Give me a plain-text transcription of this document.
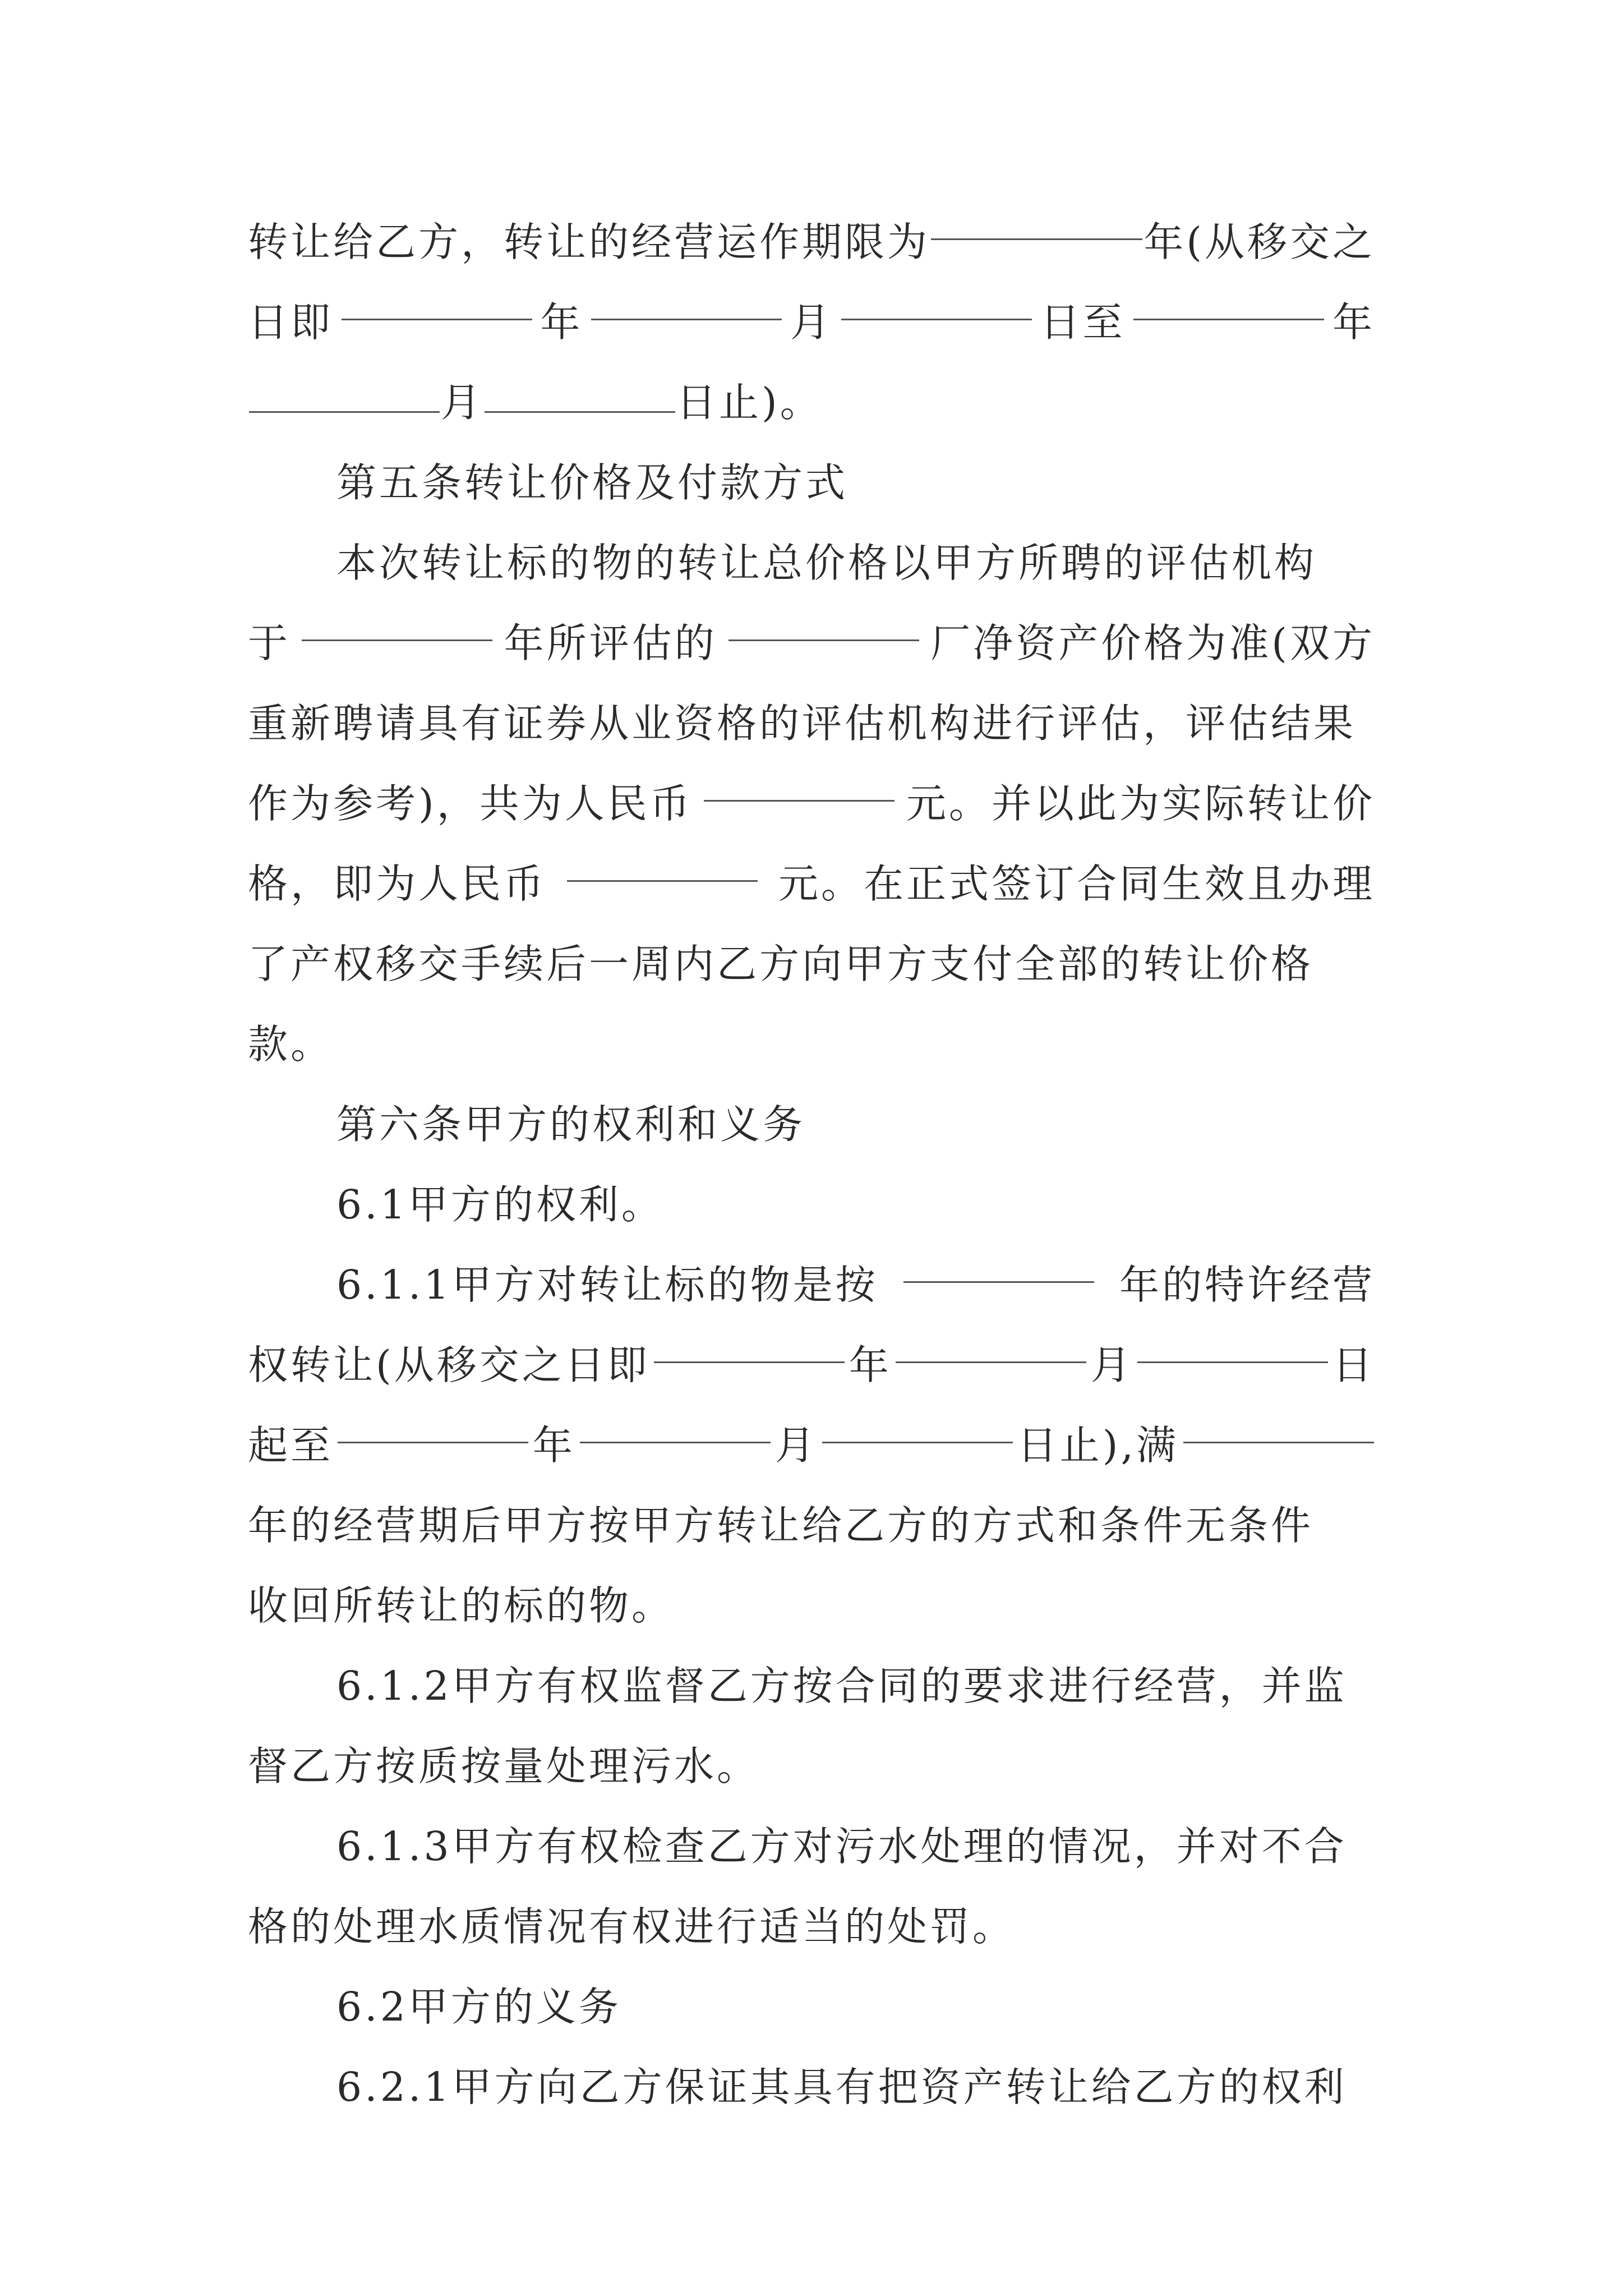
转让给乙方，转让的经营运作期限为	年(从移交之
日即	年	月	日至	年
月	日止)。
第五条转让价格及付款方式
本次转让标的物的转让总价格以甲方所聘的评估机构
于	年所评估的	厂净资产价格为准(双方
重新聘请具有证券从业资格的评估机构进行评估，评估结果
作为参考)，共为人民币	元。并以此为实际转让价
格，即为人民币	元。在正式签订合同生效且办理
了产权移交手续后一周内乙方向甲方支付全部的转让价格
款。
第六条甲方的权利和义务
6.1甲方的权利。
6.1.1甲方对转让标的物是按	年的特许经营
权转让(从移交之日即	年	月	日
起至	年	月	日止),满
年的经营期后甲方按甲方转让给乙方的方式和条件无条件
收回所转让的标的物。
6.1.2甲方有权监督乙方按合同的要求进行经营，并监
督乙方按质按量处理污水。
6.1.3甲方有权检查乙方对污水处理的情况，并对不合
格的处理水质情况有权进行适当的处罚。
6.2甲方的义务
6.2.1甲方向乙方保证其具有把资产转让给乙方的权利
